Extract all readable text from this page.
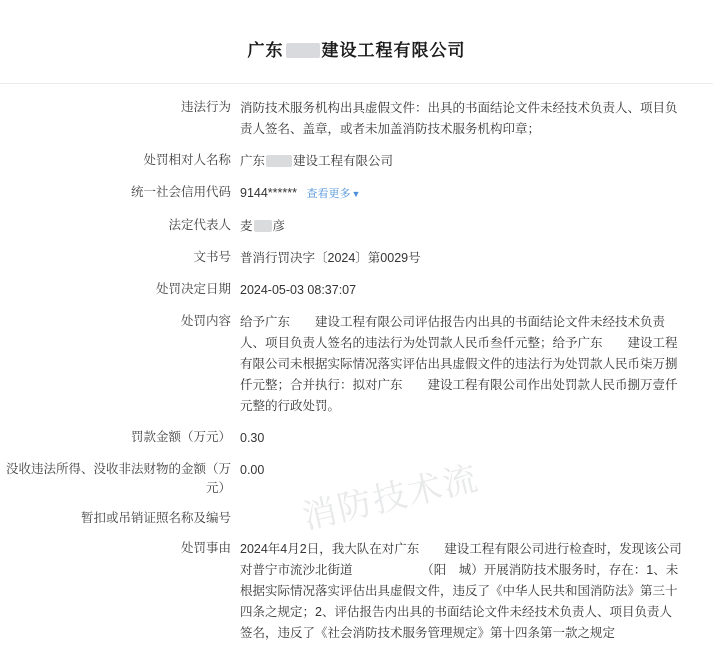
广东 建设工程有限公司
违法行为 消防技术服务机构出具虚假文件：出具的书面结论文件未经技术负责人、项目负责人签名、盖章，或者未加盖消防技术服务机构印章；
处罚相对人名称 广东 建设工程有限公司
统一社会信用代码 9144****** 查看更多▼
法定代表人 麦 彦
文书号 普消行罚决字〔2024〕第0029号
处罚决定日期 2024-05-03 08:37:07
处罚内容 给予广东　　建设工程有限公司评估报告内出具的书面结论文件未经技术负责人、项目负责人签名的违法行为处罚款人民币叁仟元整；给予广东　　建设工程有限公司未根据实际情况落实评估出具虚假文件的违法行为处罚款人民币柒万捌仟元整；合并执行：拟对广东　　建设工程有限公司作出处罚款人民币捌万壹仟元整的行政处罚。
罚款金额（万元） 0.30
没收违法所得、没收非法财物的金额（万元）
0.00
暂扣或吊销证照名称及编号
处罚事由 2024年4月2日，我大队在对广东　　建设工程有限公司进行检查时，发现该公司对普宁市流沙北街道　　　　　　（阳　城）开展消防技术服务时，存在：1、未根据实际情况落实评估出具虚假文件，违反了《中华人民共和国消防法》第三十四条之规定；2、评估报告内出具的书面结论文件未经技术负责人、项目负责人签名，违反了《社会消防技术服务管理规定》第十四条第一款之规定
消防技术流
